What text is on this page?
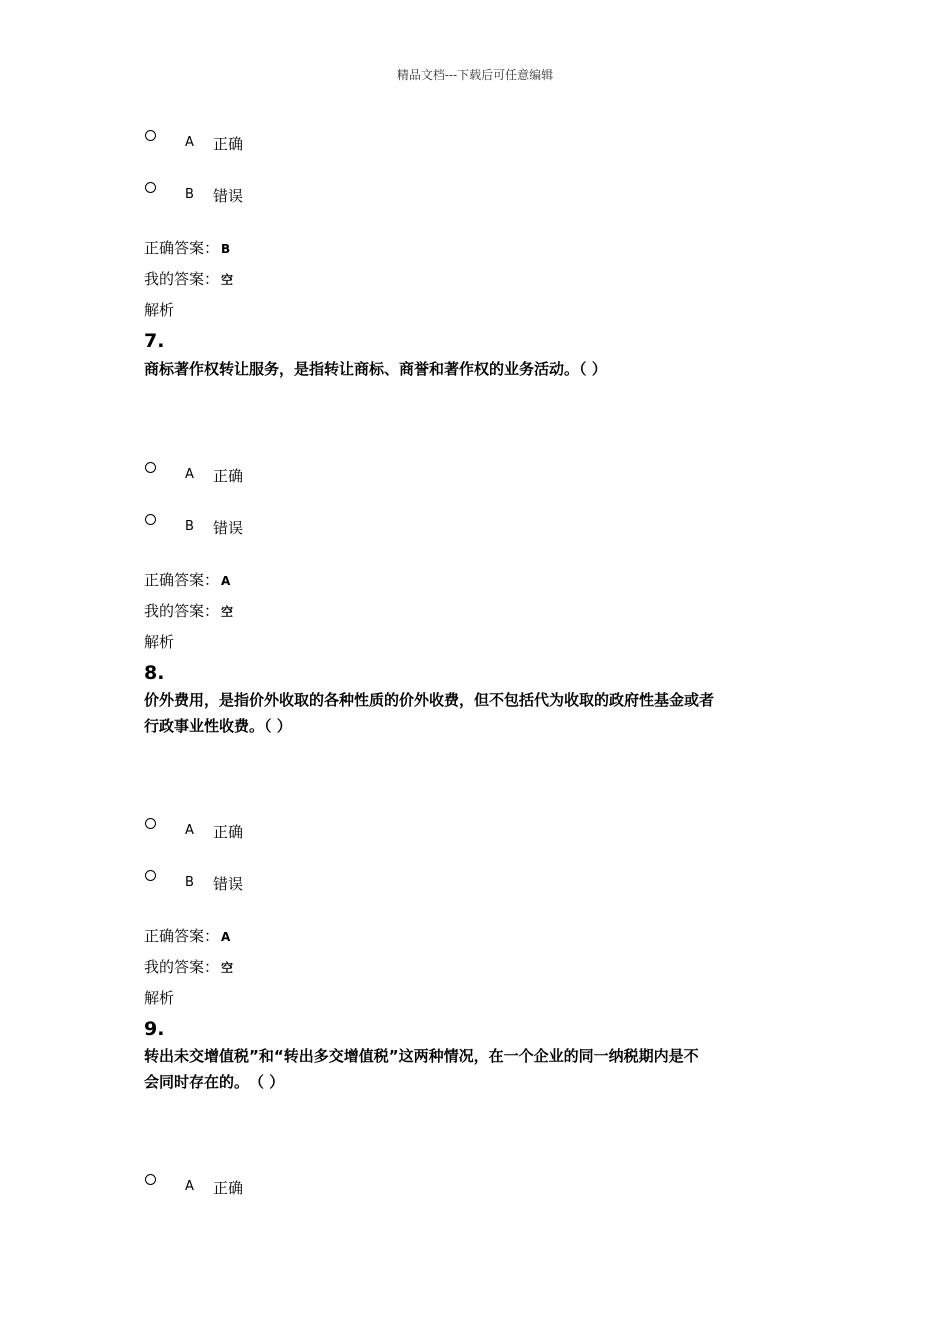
精品文档---下载后可任意编辑
A 正确
B 错误
正确答案： B
我的答案： 空
解析
7.
商标著作权转让服务，是指转让商标、商誉和著作权的业务活动。（ ）
A 正确
B 错误
正确答案： A
我的答案： 空
解析
8.
价外费用，是指价外收取的各种性质的价外收费，但不包括代为收取的政府性基金或者
行政事业性收费。（ ）
A 正确
B 错误
正确答案： A
我的答案： 空
解析
9.
转出未交增值税”和“转出多交增值税”这两种情况，在一个企业的同一纳税期内是不
会同时存在的。　（ ）
A 正确
